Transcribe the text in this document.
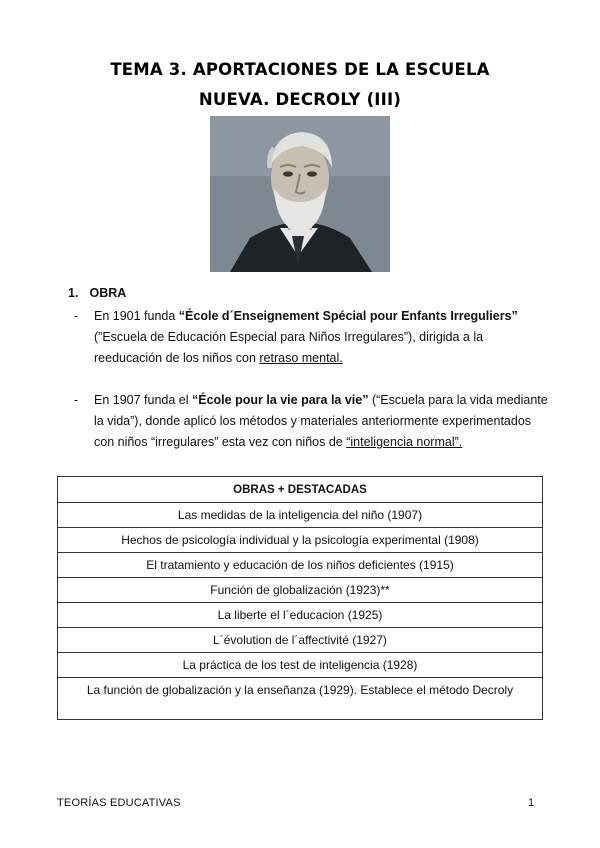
TEMA 3. APORTACIONES DE LA ESCUELA
NUEVA. DECROLY (III)
1. OBRA
- En 1901 funda “École d´Enseignement Spécial pour Enfants Irreguliers” (”Escuela de Educación Especial para Niños Irregulares”), dirigida a la reeducación de los niños con retraso mental.
- En 1907 funda el “École pour la vie para la vie” (“Escuela para la vida mediante la vida”), donde aplicó los métodos y materiales anteriormente experimentados con niños “irregulares” esta vez con niños de “inteligencia normal”.
OBRAS + DESTACADAS
Las medidas de la inteligencia del niño (1907)
Hechos de psicología individual y la psicología experimental (1908)
El tratamiento y educación de los niños deficientes (1915)
Función de globalización (1923)**
La liberte el l´educacion (1925)
L´évolution de l´affectivité (1927)
La práctica de los test de inteligencia (1928)
La función de globalización y la enseñanza (1929). Establece el método Decroly
TEORÍAS EDUCATIVAS	1
